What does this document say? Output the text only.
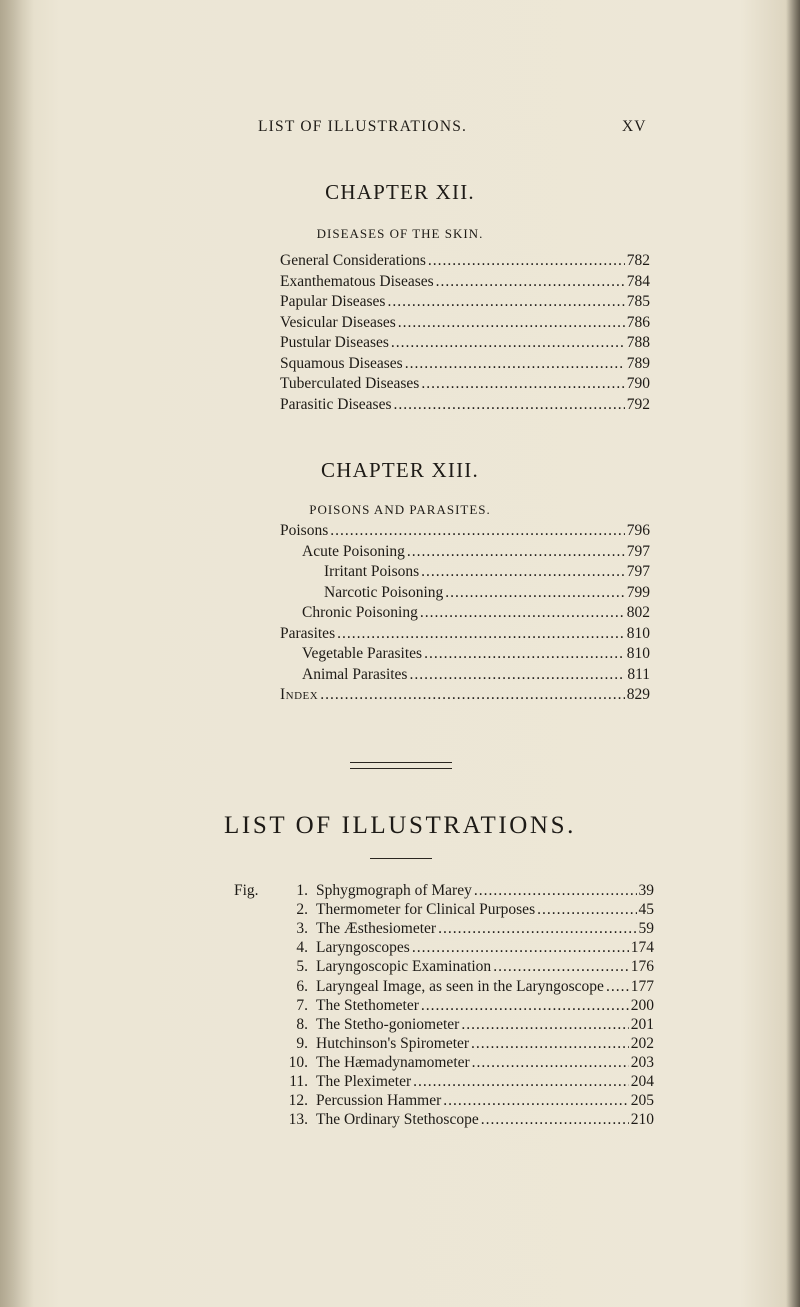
LIST OF ILLUSTRATIONS.	XV
CHAPTER XII.
DISEASES OF THE SKIN.
General Considerations .....	782
Exanthematous Diseases .....	784
Papular Diseases .....	785
Vesicular Diseases .....	786
Pustular Diseases .....	788
Squamous Diseases .....	789
Tuberculated Diseases .....	790
Parasitic Diseases .....	792
CHAPTER XIII.
POISONS AND PARASITES.
Poisons .....	796
Acute Poisoning .....	797
Irritant Poisons .....	797
Narcotic Poisoning .....	799
Chronic Poisoning .....	802
Parasites .....	810
Vegetable Parasites .....	810
Animal Parasites .....	811
Index .....	829
LIST OF ILLUSTRATIONS.
Fig.	1. Sphygmograph of Marey .....	39
2. Thermometer for Clinical Purposes .....	45
3. The Æsthesiometer .....	59
4. Laryngoscopes .....	174
5. Laryngoscopic Examination .....	176
6. Laryngeal Image, as seen in the Laryngoscope ..... 177
7. The Stethometer .....	200
8. The Stetho-goniometer .....	201
9. Hutchinson's Spirometer .....	202
10. The Hæmadynamometer .....	203
11. The Pleximeter .....	204
12. Percussion Hammer .....	205
13. The Ordinary Stethoscope .....	210
